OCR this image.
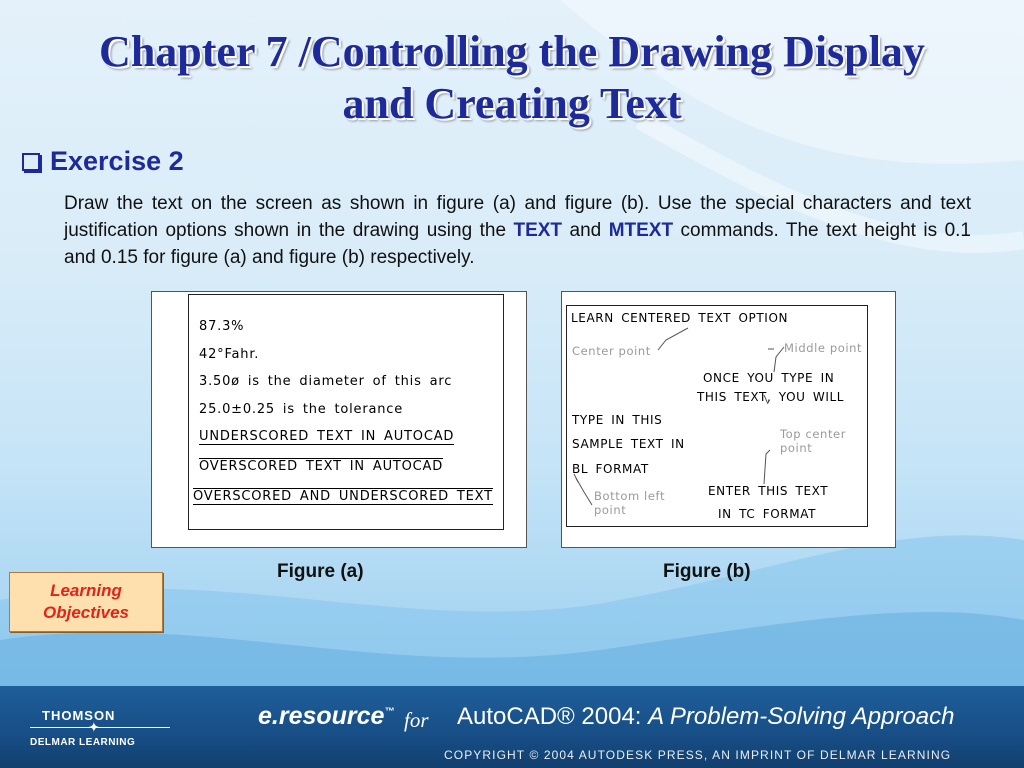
Chapter 7 /Controlling the Drawing Display
and Creating Text
Exercise 2
Draw the text on the screen as shown in figure (a) and figure (b). Use the special characters and text justification options shown in the drawing using the TEXT and MTEXT commands. The text height is 0.1 and 0.15 for figure (a) and figure (b) respectively.
87.3%
42°Fahr.
3.50ø is the diameter of this arc
25.0±0.25 is the tolerance
UNDERSCORED TEXT IN AUTOCAD
OVERSCORED TEXT IN AUTOCAD
OVERSCORED AND UNDERSCORED TEXT
LEARN CENTERED TEXT OPTION
Center point	Middle point
ONCE YOU TYPE IN
THIS TEXT, YOU WILL
TYPE IN THIS
SAMPLE TEXT IN
BL FORMAT
Top center
point
Bottom left
point
ENTER THIS TEXT
IN TC FORMAT
Figure (a)	Figure (b)
Learning
Objectives
THOMSON
✦
DELMAR LEARNING
e.resource™ for AutoCAD® 2004: A Problem-Solving Approach
COPYRIGHT © 2004 AUTODESK PRESS, AN IMPRINT OF DELMAR LEARNING
